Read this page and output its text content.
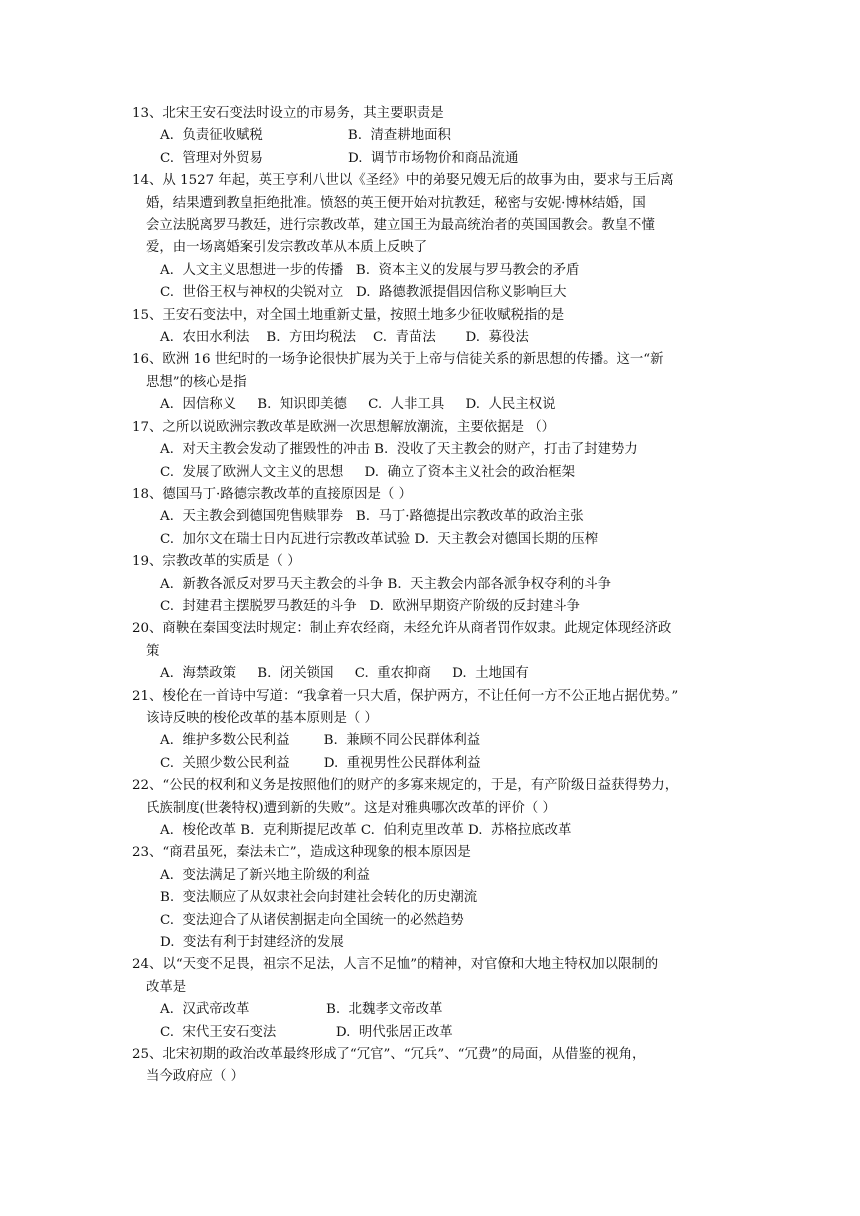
13、北宋王安石变法时设立的市易务，其主要职责是
A.  负责征收赋税                    B.  清查耕地面积
C.  管理对外贸易                    D.  调节市场物价和商品流通
14、从 1527 年起，英王亨利八世以《圣经》中的弟娶兄嫂无后的故事为由，要求与王后离
婚，结果遭到教皇拒绝批准。愤怒的英王便开始对抗教廷，秘密与安妮·博林结婚，国
会立法脱离罗马教廷，进行宗教改革，建立国王为最高统治者的英国国教会。教皇不懂
爱，由一场离婚案引发宗教改革从本质上反映了
A.  人文主义思想进一步的传播   B.  资本主义的发展与罗马教会的矛盾
C.  世俗王权与神权的尖锐对立   D.  路德教派提倡因信称义影响巨大
15、王安石变法中，对全国土地重新丈量，按照土地多少征收赋税指的是
A.  农田水利法    B.  方田均税法    C.  青苗法       D.  募役法
16、欧洲 16 世纪时的一场争论很快扩展为关于上帝与信徒关系的新思想的传播。这一“新
思想”的核心是指
A.  因信称义     B.  知识即美德     C.  人非工具     D.  人民主权说
17、之所以说欧洲宗教改革是欧洲一次思想解放潮流，主要依据是 （）
A.  对天主教会发动了摧毁性的冲击 B.  没收了天主教会的财产，打击了封建势力
C.  发展了欧洲人文主义的思想     D.  确立了资本主义社会的政治框架
18、德国马丁·路德宗教改革的直接原因是（ ）
A.  天主教会到德国兜售赎罪券   B.  马丁·路德提出宗教改革的政治主张
C.  加尔文在瑞士日内瓦进行宗教改革试验 D.  天主教会对德国长期的压榨
19、宗教改革的实质是（ ）
A.  新教各派反对罗马天主教会的斗争 B.  天主教会内部各派争权夺利的斗争
C.  封建君主摆脱罗马教廷的斗争   D.  欧洲早期资产阶级的反封建斗争
20、商鞅在秦国变法时规定：制止弃农经商，未经允许从商者罚作奴隶。此规定体现经济政
策
A.  海禁政策     B.  闭关锁国     C.  重农抑商     D.  土地国有
21、梭伦在一首诗中写道：“我拿着一只大盾，保护两方，不让任何一方不公正地占据优势。”
该诗反映的梭伦改革的基本原则是（ ）
A.  维护多数公民利益        B.  兼顾不同公民群体利益
C.  关照少数公民利益        D.  重视男性公民群体利益
22、“公民的权利和义务是按照他们的财产的多寡来规定的，于是，有产阶级日益获得势力，
氏族制度(世袭特权)遭到新的失败”。这是对雅典哪次改革的评价（ ）
A.  梭伦改革 B.  克利斯提尼改革 C.  伯利克里改革 D.  苏格拉底改革
23、“商君虽死，秦法未亡”，造成这种现象的根本原因是
A.  变法满足了新兴地主阶级的利益
B.  变法顺应了从奴隶社会向封建社会转化的历史潮流
C.  变法迎合了从诸侯割据走向全国统一的必然趋势
D.  变法有利于封建经济的发展
24、以“天变不足畏，祖宗不足法，人言不足恤”的精神，对官僚和大地主特权加以限制的
改革是
A.  汉武帝改革                  B.  北魏孝文帝改革
C.  宋代王安石变法              D.  明代张居正改革
25、北宋初期的政治改革最终形成了“冗官”、“冗兵”、“冗费”的局面，从借鉴的视角，
当今政府应（ ）
